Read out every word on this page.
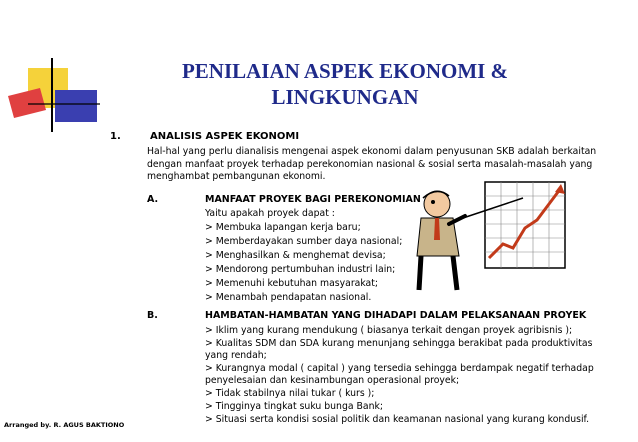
PENILAIAN ASPEK EKONOMI &
LINGKUNGAN
1.	ANALISIS ASPEK EKONOMI
Hal-hal yang perlu dianalisis mengenai aspek ekonomi dalam penyusunan SKB adalah berkaitan dengan manfaat proyek terhadap perekonomian nasional & sosial serta masalah-masalah yang menghambat pembangunan ekonomi.
A.	MANFAAT PROYEK BAGI PEREKONOMIAN
Yaitu apakah proyek dapat :
> Membuka lapangan kerja baru;
> Memberdayakan sumber daya nasional;
> Menghasilkan & menghemat devisa;
> Mendorong pertumbuhan industri lain;
> Memenuhi kebutuhan masyarakat;
> Menambah pendapatan nasional.
B.	HAMBATAN-HAMBATAN YANG DIHADAPI DALAM PELAKSANAAN PROYEK
> Iklim yang kurang mendukung ( biasanya terkait dengan proyek agribisnis );
> Kualitas SDM dan SDA kurang menunjang sehingga berakibat pada produktivitas yang rendah;
> Kurangnya modal ( capital ) yang tersedia sehingga berdampak negatif terhadap penyelesaian dan kesinambungan operasional proyek;
> Tidak stabilnya nilai tukar ( kurs );
> Tingginya tingkat suku bunga Bank;
> Situasi serta kondisi sosial politik dan keamanan nasional yang kurang kondusif.
Arranged by. R. AGUS BAKTIONO
